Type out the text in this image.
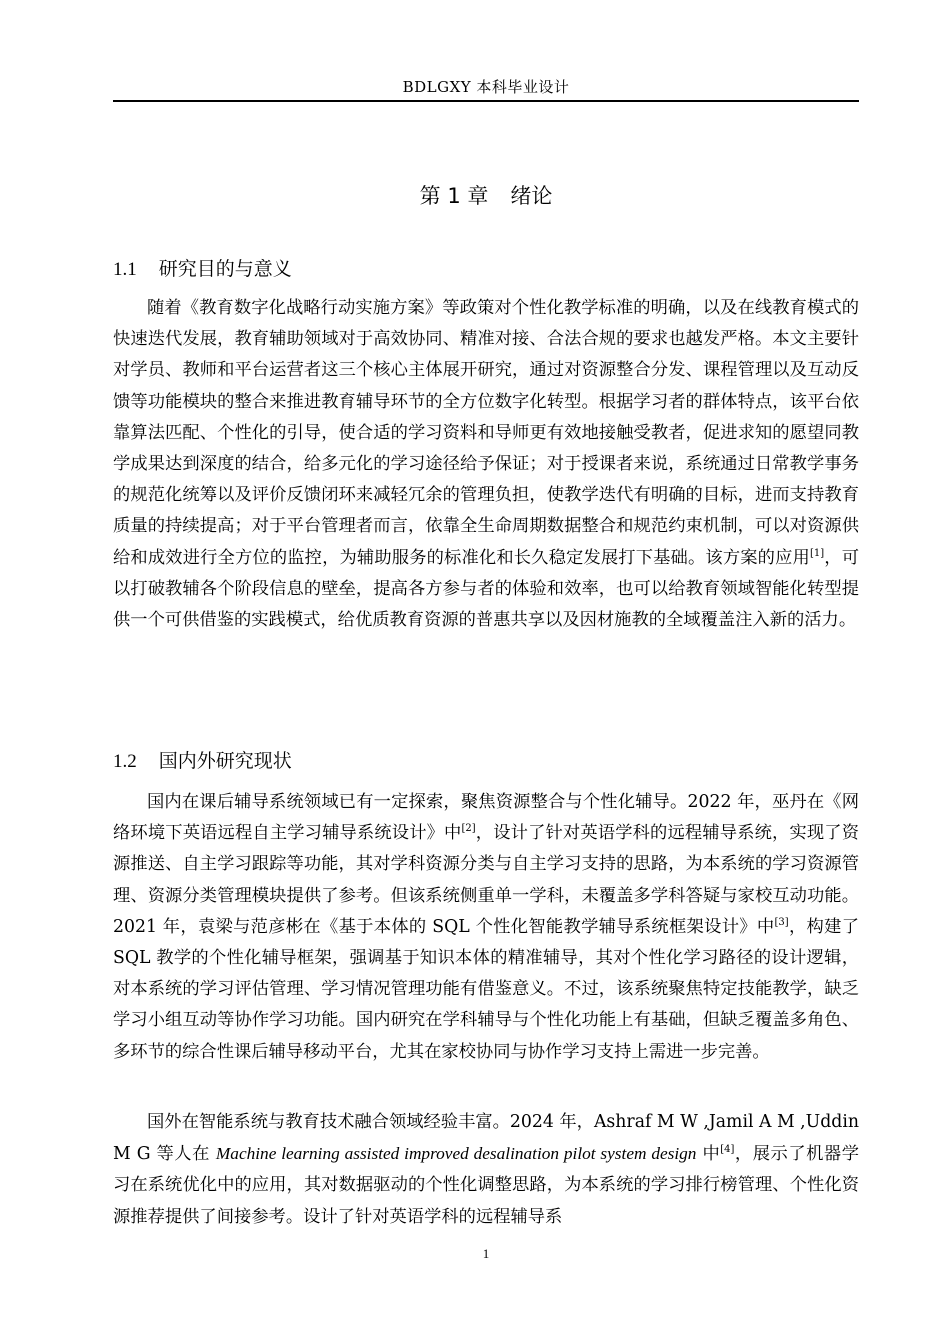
BDLGXY 本科毕业设计
第 1 章 绪论
1.1 研究目的与意义

随着《教育数字化战略行动实施方案》等政策对个性化教学标准的明确，以及在线教育模式的快速迭代发展，教育辅助领域对于高效协同、精准对接、合法合规的要求也越发严格。本文主要针对学员、教师和平台运营者这三个核心主体展开研究，通过对资源整合分发、课程管理以及互动反馈等功能模块的整合来推进教育辅导环节的全方位数字化转型。根据学习者的群体特点，该平台依靠算法匹配、个性化的引导，使合适的学习资料和导师更有效地接触受教者，促进求知的愿望同教学成果达到深度的结合，给多元化的学习途径给予保证；对于授课者来说，系统通过日常教学事务的规范化统筹以及评价反馈闭环来减轻冗余的管理负担，使教学迭代有明确的目标，进而支持教育质量的持续提高；对于平台管理者而言，依靠全生命周期数据整合和规范约束机制，可以对资源供给和成效进行全方位的监控，为辅助服务的标准化和长久稳定发展打下基础。该方案的应用[1]，可以打破教辅各个阶段信息的壁垒，提高各方参与者的体验和效率，也可以给教育领域智能化转型提供一个可供借鉴的实践模式，给优质教育资源的普惠共享以及因材施教的全域覆盖注入新的活力。

1.2 国内外研究现状

国内在课后辅导系统领域已有一定探索，聚焦资源整合与个性化辅导。2022 年，巫丹在《网络环境下英语远程自主学习辅导系统设计》中[2]，设计了针对英语学科的远程辅导系统，实现了资源推送、自主学习跟踪等功能，其对学科资源分类与自主学习支持的思路，为本系统的学习资源管理、资源分类管理模块提供了参考。但该系统侧重单一学科，未覆盖多学科答疑与家校互动功能。2021 年，袁梁与范彦彬在《基于本体的 SQL 个性化智能教学辅导系统框架设计》中[3]，构建了 SQL 教学的个性化辅导框架，强调基于知识本体的精准辅导，其对个性化学习路径的设计逻辑，对本系统的学习评估管理、学习情况管理功能有借鉴意义。不过，该系统聚焦特定技能教学，缺乏学习小组互动等协作学习功能。国内研究在学科辅导与个性化功能上有基础，但缺乏覆盖多角色、多环节的综合性课后辅导移动平台，尤其在家校协同与协作学习支持上需进一步完善。

国外在智能系统与教育技术融合领域经验丰富。2024 年，Ashraf M W ,Jamil A M ,Uddin M G 等人在 Machine learning assisted improved desalination pilot system design 中[4]，展示了机器学习在系统优化中的应用，其对数据驱动的个性化调整思路，为本系统的学习排行榜管理、个性化资源推荐提供了间接参考。设计了针对英语学科的远程辅导系

1
